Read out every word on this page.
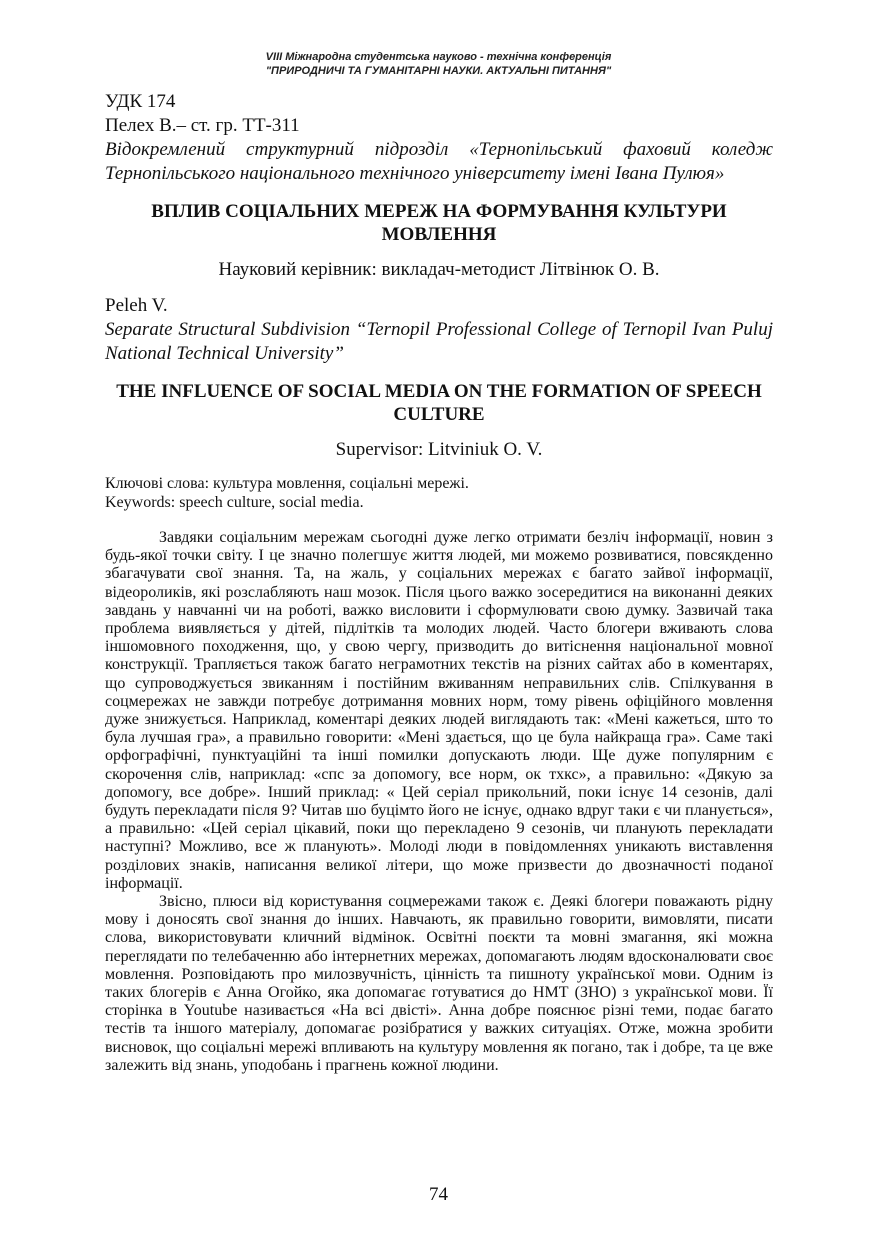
VIII Міжнародна студентська науково - технічна конференція
"ПРИРОДНИЧІ ТА ГУМАНІТАРНІ НАУКИ. АКТУАЛЬНІ ПИТАННЯ"
УДК 174
Пелех В.– ст. гр. ТТ-311
Відокремлений структурний підрозділ «Тернопільський фаховий коледж Тернопільського національного технічного університету імені Івана Пулюя»
ВПЛИВ СОЦІАЛЬНИХ МЕРЕЖ НА ФОРМУВАННЯ КУЛЬТУРИ МОВЛЕННЯ
Науковий керівник: викладач-методист Літвінюк О. В.
Peleh V.
Separate Structural Subdivision “Ternopil Professional College of Ternopil Ivan Puluj National Technical University”
THE INFLUENCE OF SOCIAL MEDIA ON THE FORMATION OF SPEECH CULTURE
Supervisor: Litviniuk O. V.
Ключові слова: культура мовлення, соціальні мережі.
Keywords: speech culture, social media.

Завдяки соціальним мережам сьогодні дуже легко отримати безліч інформації, новин з будь-якої точки світу. І це значно полегшує життя людей, ми можемо розвиватися, повсякденно збагачувати свої знання. Та, на жаль, у соціальних мережах є багато зайвої інформації, відеороликів, які розслабляють наш мозок. Після цього важко зосередитися на виконанні деяких завдань у навчанні чи на роботі, важко висловити і сформулювати свою думку. Зазвичай така проблема виявляється у дітей, підлітків та молодих людей. Часто блогери вживають слова іншомовного походження, що, у свою чергу, призводить до витіснення національної мовної конструкції. Трапляється також багато неграмотних текстів на різних сайтах або в коментарях, що супроводжується звиканням і постійним вживанням неправильних слів. Спілкування в соцмережах не завжди потребує дотримання мовних норм, тому рівень офіційного мовлення дуже знижується. Наприклад, коментарі деяких людей виглядають так: «Мені кажеться, што то була лучшая гра», а правильно говорити: «Мені здається, що це була найкраща гра». Саме такі орфографічні, пунктуаційні та інші помилки допускають люди. Ще дуже популярним є скорочення слів, наприклад: «спс за допомогу, все норм, ок тхкс», а правильно: «Дякую за допомогу, все добре». Інший приклад: « Цей серіал прикольний, поки існує 14 сезонів, далі будуть перекладати після 9? Читав шо буцімто його не існує, однако вдруг таки є чи планується», а правильно: «Цей серіал цікавий, поки що перекладено 9 сезонів, чи планують перекладати наступні? Можливо, все ж планують». Молоді люди в повідомленнях уникають виставлення розділових знаків, написання великої літери, що може призвести до двозначності поданої інформації.

Звісно, плюси від користування соцмережами також є. Деякі блогери поважають рідну мову і доносять свої знання до інших. Навчають, як правильно говорити, вимовляти, писати слова, використовувати кличний відмінок. Освітні поєкти та мовні змагання, які можна переглядати по телебаченню або інтернетних мережах, допомагають людям вдосконалювати своє мовлення. Розповідають про милозвучність, цінність та пишноту української мови. Одним із таких блогерів є Анна Огойко, яка допомагає готуватися до НМТ (ЗНО) з української мови. Її сторінка в Youtube називається «На всі двісті». Анна добре пояснює різні теми, подає багато тестів та іншого матеріалу, допомагає розібратися у важких ситуаціях. Отже, можна зробити висновок, що соціальні мережі впливають на культуру мовлення як погано, так і добре, та це вже залежить від знань, уподобань і прагнень кожної людини.

74
